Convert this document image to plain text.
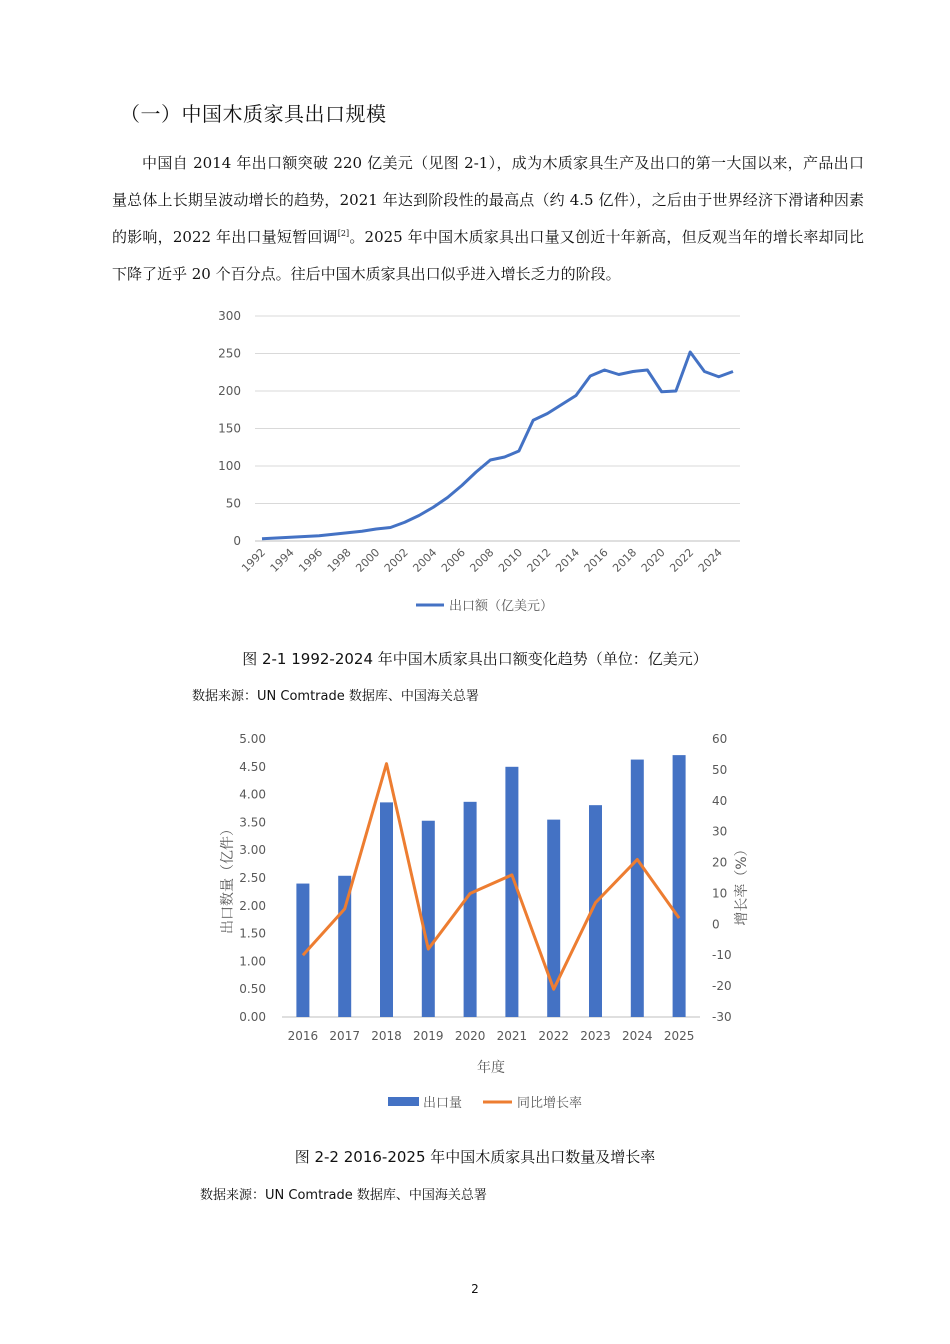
（一）中国木质家具出口规模

中国自 2014 年出口额突破 220 亿美元（见图 2-1），成为木质家具生产及出口的第一大国以来，产品出口量总体上长期呈波动增长的趋势，2021 年达到阶段性的最高点（约 4.5 亿件），之后由于世界经济下滑诸种因素的影响，2022 年出口量短暂回调[2]。2025 年中国木质家具出口量又创近十年新高，但反观当年的增长率却同比下降了近乎 20 个百分点。往后中国木质家具出口似乎进入增长乏力的阶段。

0
50
100
150
200
250
300
1992 1994 1996 1998 2000 2002 2004 2006 2008 2010 2012 2014 2016 2018 2020 2022 2024
出口额（亿美元）
图 2-1 1992-2024 年中国木质家具出口额变化趋势（单位：亿美元）
数据来源：UN Comtrade 数据库、中国海关总署
0.00
0.50
1.00
1.50
2.00
2.50
3.00
3.50
4.00
4.50
5.00
-30
-20
-10
0
10
20
30
40
50
60
2016 2017 2018 2019 2020 2021 2022 2023 2024 2025
年度
出口数量（亿件）	增长率（%）
出口量	同比增长率
图 2-2 2016-2025 年中国木质家具出口数量及增长率
数据来源：UN Comtrade 数据库、中国海关总署
2
